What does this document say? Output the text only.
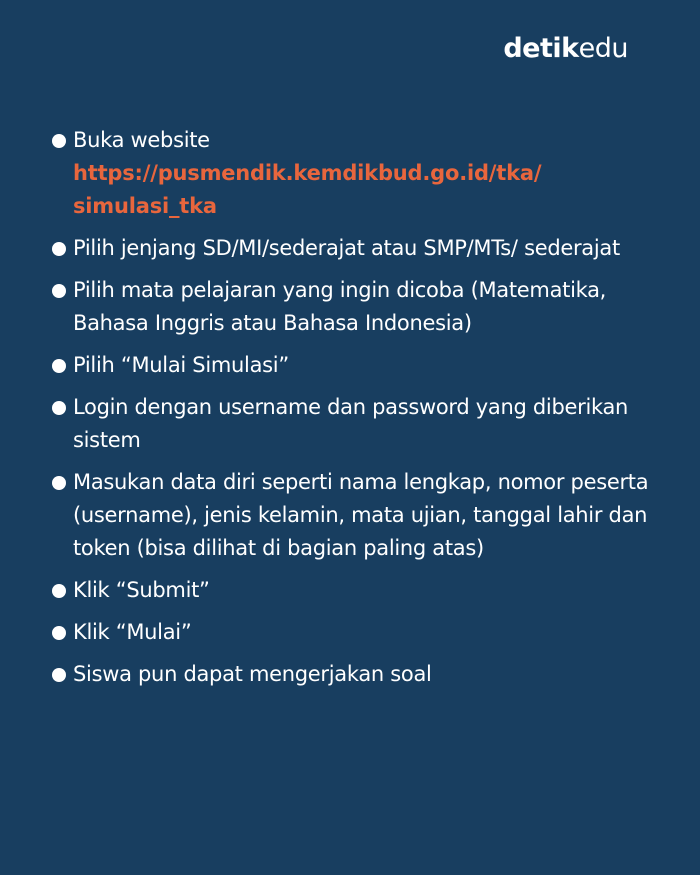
detikedu
Buka website
https://pusmendik.kemdikbud.go.id/tka/ simulasi_tka
Pilih jenjang SD/MI/sederajat atau SMP/MTs/ sederajat
Pilih mata pelajaran yang ingin dicoba (Matematika, Bahasa Inggris atau Bahasa Indonesia)
Pilih “Mulai Simulasi”
Login dengan username dan password yang diberikan sistem
Masukan data diri seperti nama lengkap, nomor peserta (username), jenis kelamin, mata ujian, tanggal lahir dan token (bisa dilihat di bagian paling atas)
Klik “Submit”
Klik “Mulai”
Siswa pun dapat mengerjakan soal
